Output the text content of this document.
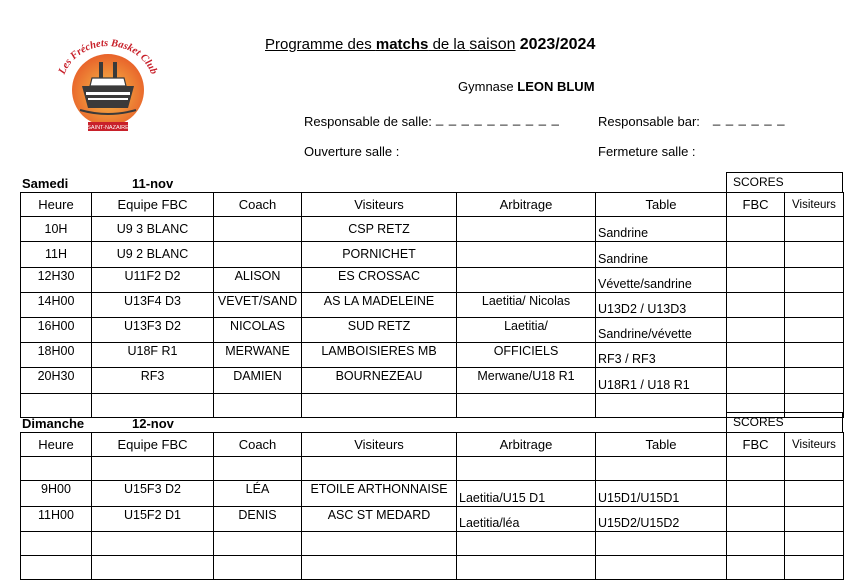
Les Fréchets Basket Club
SAINT-NAZAIRE
Programme des matchs de la saison 2023/2024
Gymnase LEON BLUM
Responsable de salle: _ _ _ _ _ _ _ _ _ _	Responsable bar: _ _ _ _ _ _
Ouverture salle :	Fermeture salle :
Samedi	11-nov	SCORES
Heure	Equipe FBC	Coach	Visiteurs	Arbitrage	Table	FBC	Visiteurs
10H	U9 3 BLANC		CSP RETZ		Sandrine		
11H	U9 2 BLANC		PORNICHET		Sandrine		
12H30	U11F2 D2	ALISON	ES CROSSAC		Vévette/sandrine		
14H00	U13F4 D3	VEVET/SAND	AS LA MADELEINE	Laetitia/ Nicolas	U13D2 / U13D3		
16H00	U13F3 D2	NICOLAS	SUD RETZ	Laetitia/	Sandrine/vévette		
18H00	U18F R1	MERWANE	LAMBOISIERES MB	OFFICIELS	RF3 / RF3		
20H30	RF3	DAMIEN	BOURNEZEAU	Merwane/U18 R1	U18R1 / U18 R1		

Dimanche	12-nov	SCORES
Heure	Equipe FBC	Coach	Visiteurs	Arbitrage	Table	FBC	Visiteurs

9H00	U15F3 D2	LÉA	ETOILE ARTHONNAISE	Laetitia/U15 D1	U15D1/U15D1		
11H00	U15F2 D1	DENIS	ASC ST MEDARD	Laetitia/léa	U15D2/U15D2		
